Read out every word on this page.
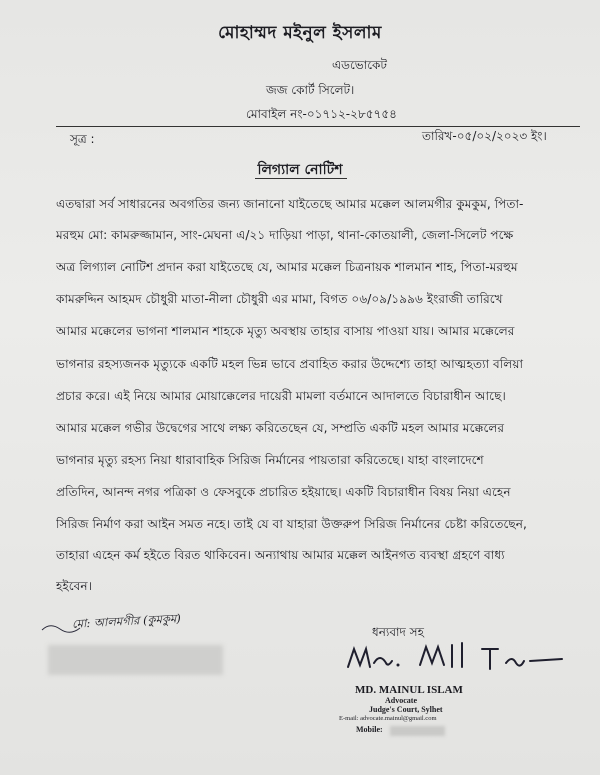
মোহাম্মদ মইনুল ইসলাম
এডভোকেট
জজ কোর্ট সিলেট।
মোবাইল নং-০১৭১২-২৮৫৭৫৪
সূত্র :	তারিখ-০৫/০২/২০২৩ ইং।
লিগ্যাল নোটিশ
এতদ্বারা সর্ব সাধারনের অবগতির জন্য জানানো যাইতেছে আমার মক্কেল আলমগীর কুমকুম, পিতা-
মরহুম মো: কামরুজ্জামান, সাং-মেঘনা এ/২১ দাড়িয়া পাড়া, থানা-কোতয়ালী, জেলা-সিলেট পক্ষে
অত্র লিগ্যাল নোটিশ প্রদান করা যাইতেছে যে, আমার মক্কেল চিত্রনায়ক শালমান শাহ, পিতা-মরহুম
কামরুদ্দিন আহমদ চৌধুরী মাতা-নীলা চৌধুরী এর মামা, বিগত ০৬/০৯/১৯৯৬ ইংরাজী তারিখে
আমার মক্কেলের ভাগনা শালমান শাহকে মৃত্যু অবস্থায় তাহার বাসায় পাওয়া যায়। আমার মক্কেলের
ভাগনার রহস্যজনক মৃত্যুকে একটি মহল ভিন্ন ভাবে প্রবাহিত করার উদ্দেশ্যে তাহা আত্মহত্যা বলিয়া
প্রচার করে। এই নিয়ে আমার মোয়াক্কেলের দায়েরী মামলা বর্তমানে আদালতে বিচারাধীন আছে।
আমার মক্কেল গভীর উদ্বেগের সাথে লক্ষ্য করিতেছেন যে, সম্প্রতি একটি মহল আমার মক্কেলের
ভাগনার মৃত্যু রহস্য নিয়া ধারাবাহিক সিরিজ নির্মানের পায়তারা করিতেছে। যাহা বাংলাদেশে
প্রতিদিন, আনন্দ নগর পত্রিকা ও ফেসবুকে প্রচারিত হইয়াছে। একটি বিচারাধীন বিষয় নিয়া এহেন
সিরিজ নির্মাণ করা আইন সমত নহে। তাই যে বা যাহারা উক্তরুপ সিরিজ নির্মানের চেষ্টা করিতেছেন,
তাহারা এহেন কর্ম হইতে বিরত থাকিবেন। অন্যাথায় আমার মক্কেল আইনগত ব্যবস্থা গ্রহণে বাধ্য
হইবেন।
মো: আলমগীর (কুমকুম)
ধন্যবাদ সহ
MD. MAINUL ISLAM
Advocate
Judge's Court, Sylhet
E-mail: advocate.mainul@gmail.com
Mobile:
